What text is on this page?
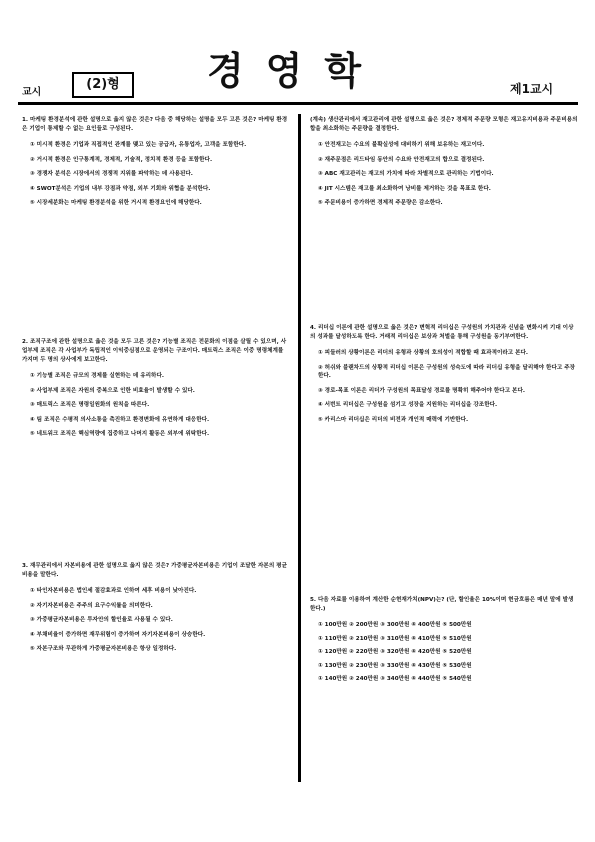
교시
(2)형	경영학	제1교시

1. 마케팅 환경분석에 관한 설명으로 옳지 않은 것은? 다음 중 해당하는 설명을 모두 고른 것은? 마케팅 환경은 기업이 통제할 수 없는 요인들로 구성된다.

① 미시적 환경은 기업과 직접적인 관계를 맺고 있는 공급자, 유통업자, 고객을 포함한다.
② 거시적 환경은 인구통계적, 경제적, 기술적, 정치적 환경 등을 포함한다.
③ 경쟁자 분석은 시장에서의 경쟁적 지위를 파악하는 데 사용된다.
④ SWOT분석은 기업의 내부 강점과 약점, 외부 기회와 위협을 분석한다.
⑤ 시장세분화는 마케팅 환경분석을 위한 거시적 환경요인에 해당한다.

2. 조직구조에 관한 설명으로 옳은 것을 모두 고른 것은? 기능별 조직은 전문화의 이점을 살릴 수 있으며, 사업부제 조직은 각 사업부가 독립적인 이익중심점으로 운영되는 구조이다. 매트릭스 조직은 이중 명령체계를 가지며 두 명의 상사에게 보고한다.

① 기능별 조직은 규모의 경제를 실현하는 데 유리하다.
② 사업부제 조직은 자원의 중복으로 인한 비효율이 발생할 수 있다.
③ 매트릭스 조직은 명령일원화의 원칙을 따른다.
④ 팀 조직은 수평적 의사소통을 촉진하고 환경변화에 유연하게 대응한다.
⑤ 네트워크 조직은 핵심역량에 집중하고 나머지 활동은 외부에 위탁한다.

3. 재무관리에서 자본비용에 관한 설명으로 옳지 않은 것은? 가중평균자본비용은 기업이 조달한 자본의 평균비용을 말한다.

① 타인자본비용은 법인세 절감효과로 인하여 세후 비용이 낮아진다.
② 자기자본비용은 주주의 요구수익률을 의미한다.
③ 가중평균자본비용은 투자안의 할인율로 사용될 수 있다.
④ 부채비율이 증가하면 재무위험이 증가하여 자기자본비용이 상승한다.
⑤ 자본구조와 무관하게 가중평균자본비용은 항상 일정하다.

(계속) 생산관리에서 재고관리에 관한 설명으로 옳은 것은? 경제적 주문량 모형은 재고유지비용과 주문비용의 합을 최소화하는 주문량을 결정한다.

① 안전재고는 수요의 불확실성에 대비하기 위해 보유하는 재고이다.
② 재주문점은 리드타임 동안의 수요와 안전재고의 합으로 결정된다.
③ ABC 재고관리는 재고의 가치에 따라 차별적으로 관리하는 기법이다.
④ JIT 시스템은 재고를 최소화하여 낭비를 제거하는 것을 목표로 한다.
⑤ 주문비용이 증가하면 경제적 주문량은 감소한다.

4. 리더십 이론에 관한 설명으로 옳은 것은? 변혁적 리더십은 구성원의 가치관과 신념을 변화시켜 기대 이상의 성과를 달성하도록 한다. 거래적 리더십은 보상과 처벌을 통해 구성원을 동기부여한다.

① 피들러의 상황이론은 리더의 유형과 상황의 호의성이 적합할 때 효과적이라고 본다.
② 허쉬와 블랜차드의 상황적 리더십 이론은 구성원의 성숙도에 따라 리더십 유형을 달리해야 한다고 주장한다.
③ 경로-목표 이론은 리더가 구성원의 목표달성 경로를 명확히 해주어야 한다고 본다.
④ 서번트 리더십은 구성원을 섬기고 성장을 지원하는 리더십을 강조한다.
⑤ 카리스마 리더십은 리더의 비전과 개인적 매력에 기반한다.

5. 다음 자료를 이용하여 계산한 순현재가치(NPV)는? (단, 할인율은 10%이며 현금흐름은 매년 말에 발생한다.)

① 100만원 ② 200만원 ③ 300만원 ④ 400만원 ⑤ 500만원
① 110만원 ② 210만원 ③ 310만원 ④ 410만원 ⑤ 510만원
① 120만원 ② 220만원 ③ 320만원 ④ 420만원 ⑤ 520만원
① 130만원 ② 230만원 ③ 330만원 ④ 430만원 ⑤ 530만원
① 140만원 ② 240만원 ③ 340만원 ④ 440만원 ⑤ 540만원
